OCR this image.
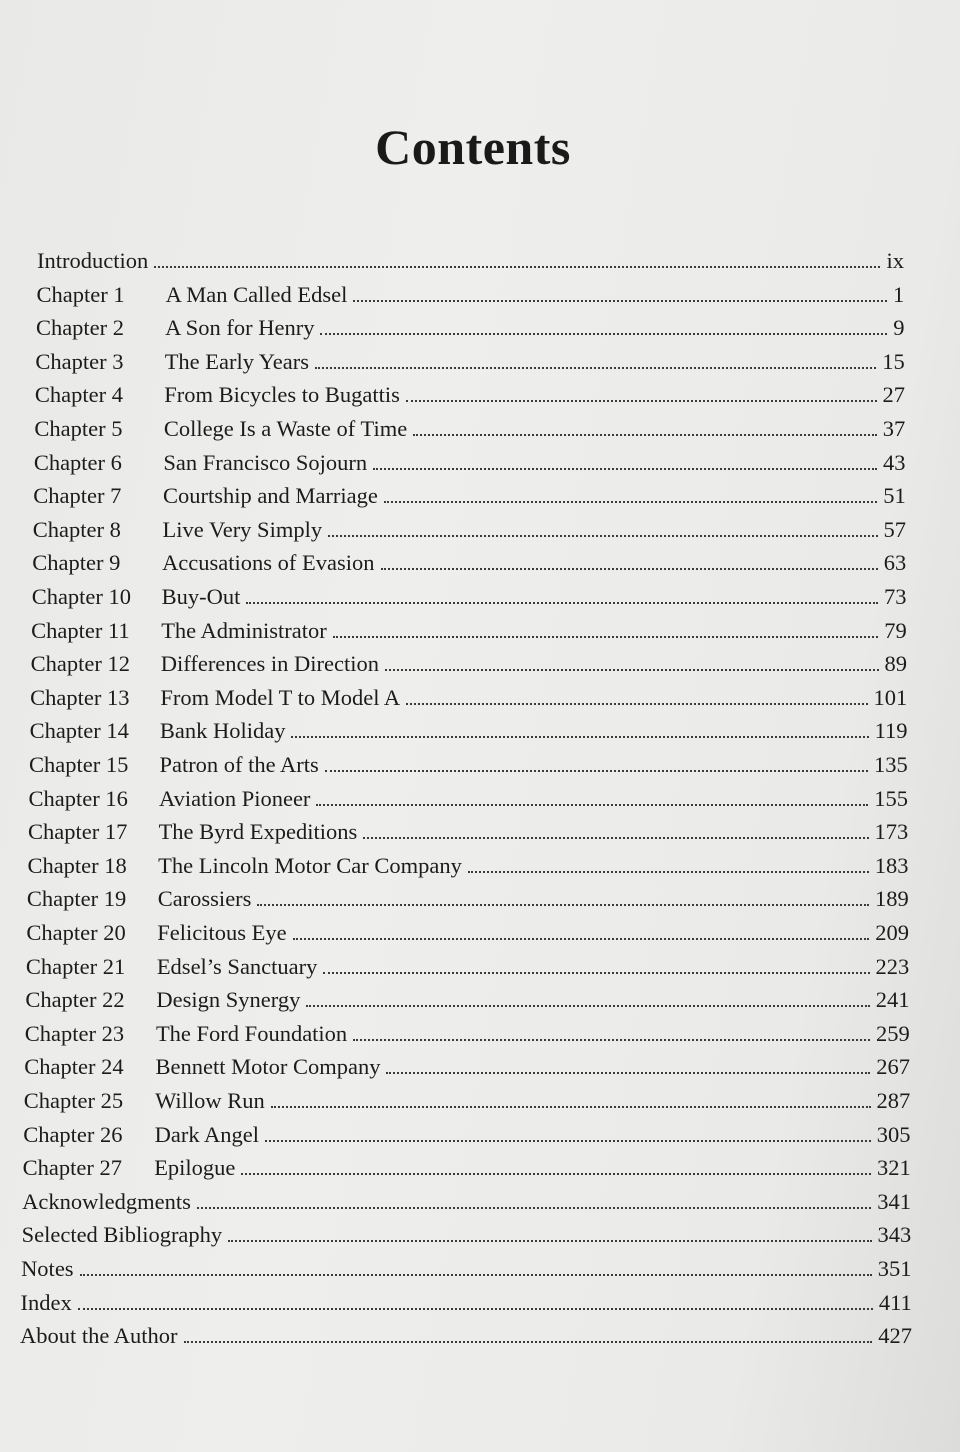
Contents
Introduction	ix
Chapter 1	A Man Called Edsel	1
Chapter 2	A Son for Henry	9
Chapter 3	The Early Years	15
Chapter 4	From Bicycles to Bugattis	27
Chapter 5	College Is a Waste of Time	37
Chapter 6	San Francisco Sojourn	43
Chapter 7	Courtship and Marriage	51
Chapter 8	Live Very Simply	57
Chapter 9	Accusations of Evasion	63
Chapter 10	Buy-Out	73
Chapter 11	The Administrator	79
Chapter 12	Differences in Direction	89
Chapter 13	From Model T to Model A	101
Chapter 14	Bank Holiday	119
Chapter 15	Patron of the Arts	135
Chapter 16	Aviation Pioneer	155
Chapter 17	The Byrd Expeditions	173
Chapter 18	The Lincoln Motor Car Company	183
Chapter 19	Carossiers	189
Chapter 20	Felicitous Eye	209
Chapter 21	Edsel’s Sanctuary	223
Chapter 22	Design Synergy	241
Chapter 23	The Ford Foundation	259
Chapter 24	Bennett Motor Company	267
Chapter 25	Willow Run	287
Chapter 26	Dark Angel	305
Chapter 27	Epilogue	321
Acknowledgments	341
Selected Bibliography	343
Notes	351
Index	411
About the Author	427
